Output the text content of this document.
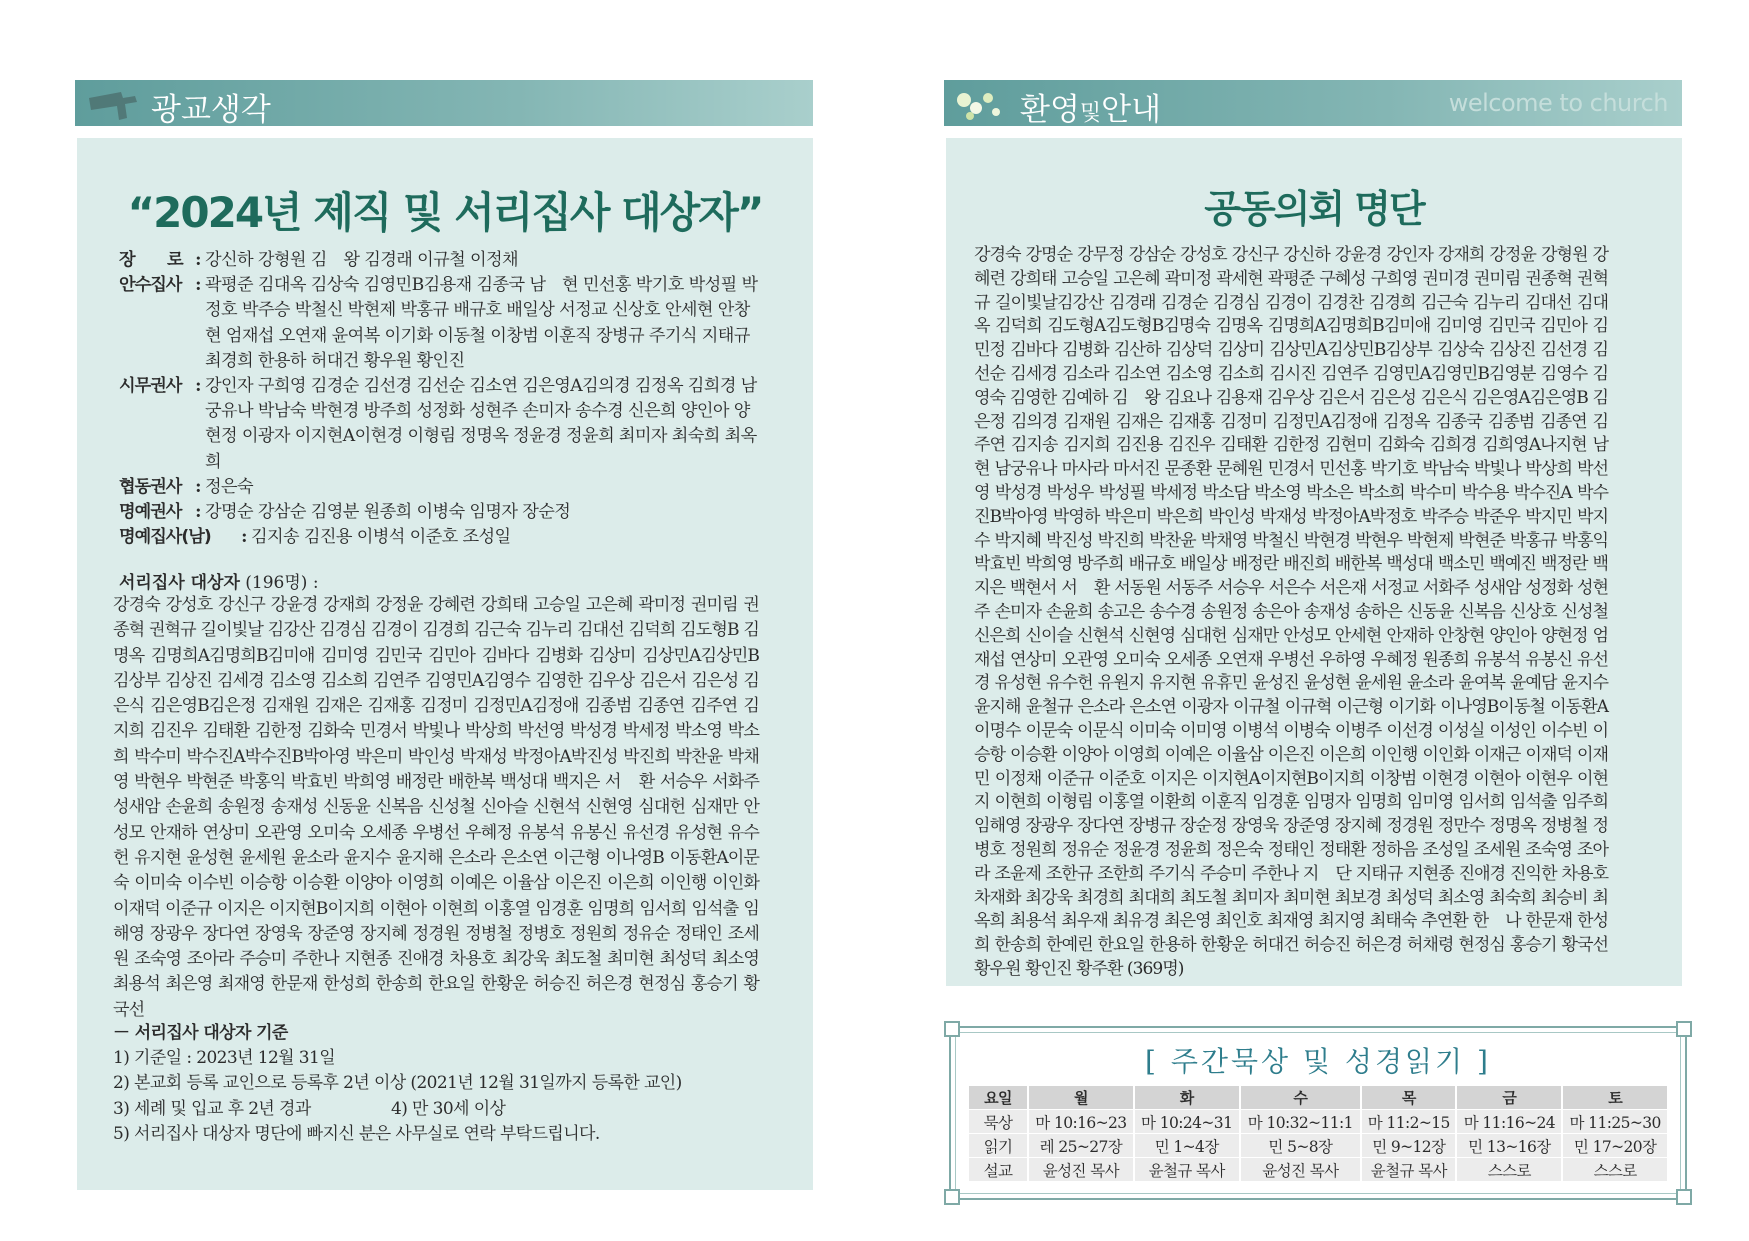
광교생각
“2024년 제직 및 서리집사 대상자”
장　　로 : 강신하 강형원 김　왕 김경래 이규철 이정채
안수집사 : 곽평준 김대옥 김상숙 김영민B김용재 김종국 남　현 민선홍 박기호 박성필 박정호 박주승 박철신 박현제 박홍규 배규호 배일상 서정교 신상호 안세현 안창현 엄재섭 오연재 윤여복 이기화 이동철 이창범 이훈직 장병규 주기식 지태규 최경희 한용하 허대건 황우원 황인진
시무권사 : 강인자 구희영 김경순 김선경 김선순 김소연 김은영A김의경 김정옥 김희경 남궁유나 박남숙 박현경 방주희 성정화 성현주 손미자 송수경 신은희 양인아 양현정 이광자 이지현A이현경 이형림 정명옥 정윤경 정윤희 최미자 최숙희 최옥희
협동권사 : 정은숙
명예권사 : 강명순 강삼순 김영분 원종희 이병숙 임명자 장순정
명예집사(남)	: 김지송 김진용 이병석 이준호 조성일
서리집사 대상자 (196명) :
강경숙 강성호 강신구 강윤경 강재희 강정윤 강혜련 강희태 고승일 고은혜 곽미정 권미림 권종혁 권혁규 길이빛날 김강산 김경심 김경이 김경희 김근숙 김누리 김대선 김덕희 김도형B 김명옥 김명희A김명희B김미애 김미영 김민국 김민아 김바다 김병화 김상미 김상민A김상민B 김상부 김상진 김세경 김소영 김소희 김연주 김영민A김영수 김영한 김우상 김은서 김은성 김은식 김은영B김은정 김재원 김재은 김재홍 김정미 김정민A김정애 김종범 김종연 김주연 김지희 김진우 김태환 김한정 김화숙 민경서 박빛나 박상희 박선영 박성경 박세정 박소영 박소희 박수미 박수진A박수진B박아영 박은미 박인성 박재성 박정아A박진성 박진희 박찬윤 박채영 박현우 박현준 박홍익 박효빈 박희영 배정란 배한복 백성대 백지은 서　환 서승우 서화주 성새암 손윤희 송원정 송재성 신동윤 신복음 신성철 신아슬 신현석 신현영 심대헌 심재만 안성모 안재하 연상미 오관영 오미숙 오세종 우병선 우혜정 유봉석 유봉신 유선경 유성현 유수헌 유지현 윤성현 윤세원 윤소라 윤지수 윤지해 은소라 은소연 이근형 이나영B 이동환A이문숙 이미숙 이수빈 이승항 이승환 이양아 이영희 이예은 이율삼 이은진 이은희 이인행 이인화 이재덕 이준규 이지은 이지현B이지희 이현아 이현희 이홍열 임경훈 임명희 임서희 임석출 임해영 장광우 장다연 장영욱 장준영 장지혜 정경원 정병철 정병호 정원희 정유순 정태인 조세원 조숙영 조아라 주승미 주한나 지현종 진애경 차용호 최강욱 최도철 최미현 최성덕 최소영 최용석 최은영 최재영 한문재 한성희 한송희 한요일 한황운 허승진 허은경 현정심 홍승기 황국선
－ 서리집사 대상자 기준
1) 기준일 : 2023년 12월 31일
2) 본교회 등록 교인으로 등록후 2년 이상 (2021년 12월 31일까지 등록한 교인)
3) 세례 및 입교 후 2년 경과	4) 만 30세 이상
5) 서리집사 대상자 명단에 빠지신 분은 사무실로 연락 부탁드립니다.
환영및안내	welcome to church
공동의회 명단
강경숙 강명순 강무정 강삼순 강성호 강신구 강신하 강윤경 강인자 강재희 강정윤 강형원 강혜련 강희태 고승일 고은혜 곽미정 곽세현 곽평준 구혜성 구희영 권미경 권미림 권종혁 권혁규 길이빛날김강산 김경래 김경순 김경심 김경이 김경찬 김경희 김근숙 김누리 김대선 김대옥 김덕희 김도형A김도형B김명숙 김명옥 김명희A김명희B김미애 김미영 김민국 김민아 김민정 김바다 김병화 김산하 김상덕 김상미 김상민A김상민B김상부 김상숙 김상진 김선경 김선순 김세경 김소라 김소연 김소영 김소희 김시진 김연주 김영민A김영민B김영분 김영수 김영숙 김영한 김예하 김　왕 김요나 김용재 김우상 김은서 김은성 김은식 김은영A김은영B 김은정 김의경 김재원 김재은 김재홍 김정미 김정민A김정애 김정옥 김종국 김종범 김종연 김주연 김지송 김지희 김진용 김진우 김태환 김한정 김현미 김화숙 김희경 김희영A나지현 남　현 남궁유나 마사라 마서진 문종환 문혜원 민경서 민선홍 박기호 박남숙 박빛나 박상희 박선영 박성경 박성우 박성필 박세정 박소담 박소영 박소은 박소희 박수미 박수용 박수진A 박수진B박아영 박영하 박은미 박은희 박인성 박재성 박정아A박정호 박주승 박준우 박지민 박지수 박지혜 박진성 박진희 박찬윤 박채영 박철신 박현경 박현우 박현제 박현준 박홍규 박홍익 박효빈 박희영 방주희 배규호 배일상 배정란 배진희 배한복 백성대 백소민 백예진 백정란 백지은 백현서 서　환 서동원 서동주 서승우 서은수 서은재 서정교 서화주 성새암 성정화 성현주 손미자 손윤희 송고은 송수경 송원정 송은아 송재성 송하은 신동윤 신복음 신상호 신성철 신은희 신이슬 신현석 신현영 심대헌 심재만 안성모 안세현 안재하 안창현 양인아 양현정 엄재섭 연상미 오관영 오미숙 오세종 오연재 우병선 우하영 우혜정 원종희 유봉석 유봉신 유선경 유성현 유수헌 유원지 유지현 유휴민 윤성진 윤성현 윤세원 윤소라 윤여복 윤예담 윤지수 윤지해 윤철규 은소라 은소연 이광자 이규철 이규혁 이근형 이기화 이나영B이동철 이동환A이명수 이문숙 이문식 이미숙 이미영 이병석 이병숙 이병주 이선경 이성실 이성인 이수빈 이승항 이승환 이양아 이영희 이예은 이율삼 이은진 이은희 이인행 이인화 이재근 이재덕 이재민 이정채 이준규 이준호 이지은 이지현A이지현B이지희 이창범 이현경 이현아 이현우 이현지 이현희 이형림 이홍열 이환희 이훈직 임경훈 임명자 임명희 임미영 임서희 임석출 임주희 임해영 장광우 장다연 장병규 장순정 장영욱 장준영 장지혜 정경원 정만수 정명옥 정병철 정병호 정원희 정유순 정윤경 정윤희 정은숙 정태인 정태환 정하음 조성일 조세원 조숙영 조아라 조윤제 조한규 조한희 주기식 주승미 주한나 지　단 지태규 지현종 진애경 진익한 차용호 차재화 최강욱 최경희 최대희 최도철 최미자 최미현 최보경 최성덕 최소영 최숙희 최승비 최옥희 최용석 최우재 최유경 최은영 최인호 최재영 최지영 최태숙 추연환 한　나 한문재 한성희 한송희 한예린 한요일 한용하 한황운 허대건 허승진 허은경 허채령 현정심 홍승기 황국선 황우원 황인진 황주환 (369명)
[ 주간묵상 및 성경읽기 ]
요일	월	화	수	목	금	토
묵상	마 10:16~23	마 10:24~31	마 10:32~11:1	마 11:2~15	마 11:16~24	마 11:25~30
읽기	레 25~27장	민 1~4장	민 5~8장	민 9~12장	민 13~16장	민 17~20장
설교	윤성진 목사	윤철규 목사	윤성진 목사	윤철규 목사	스스로	스스로
